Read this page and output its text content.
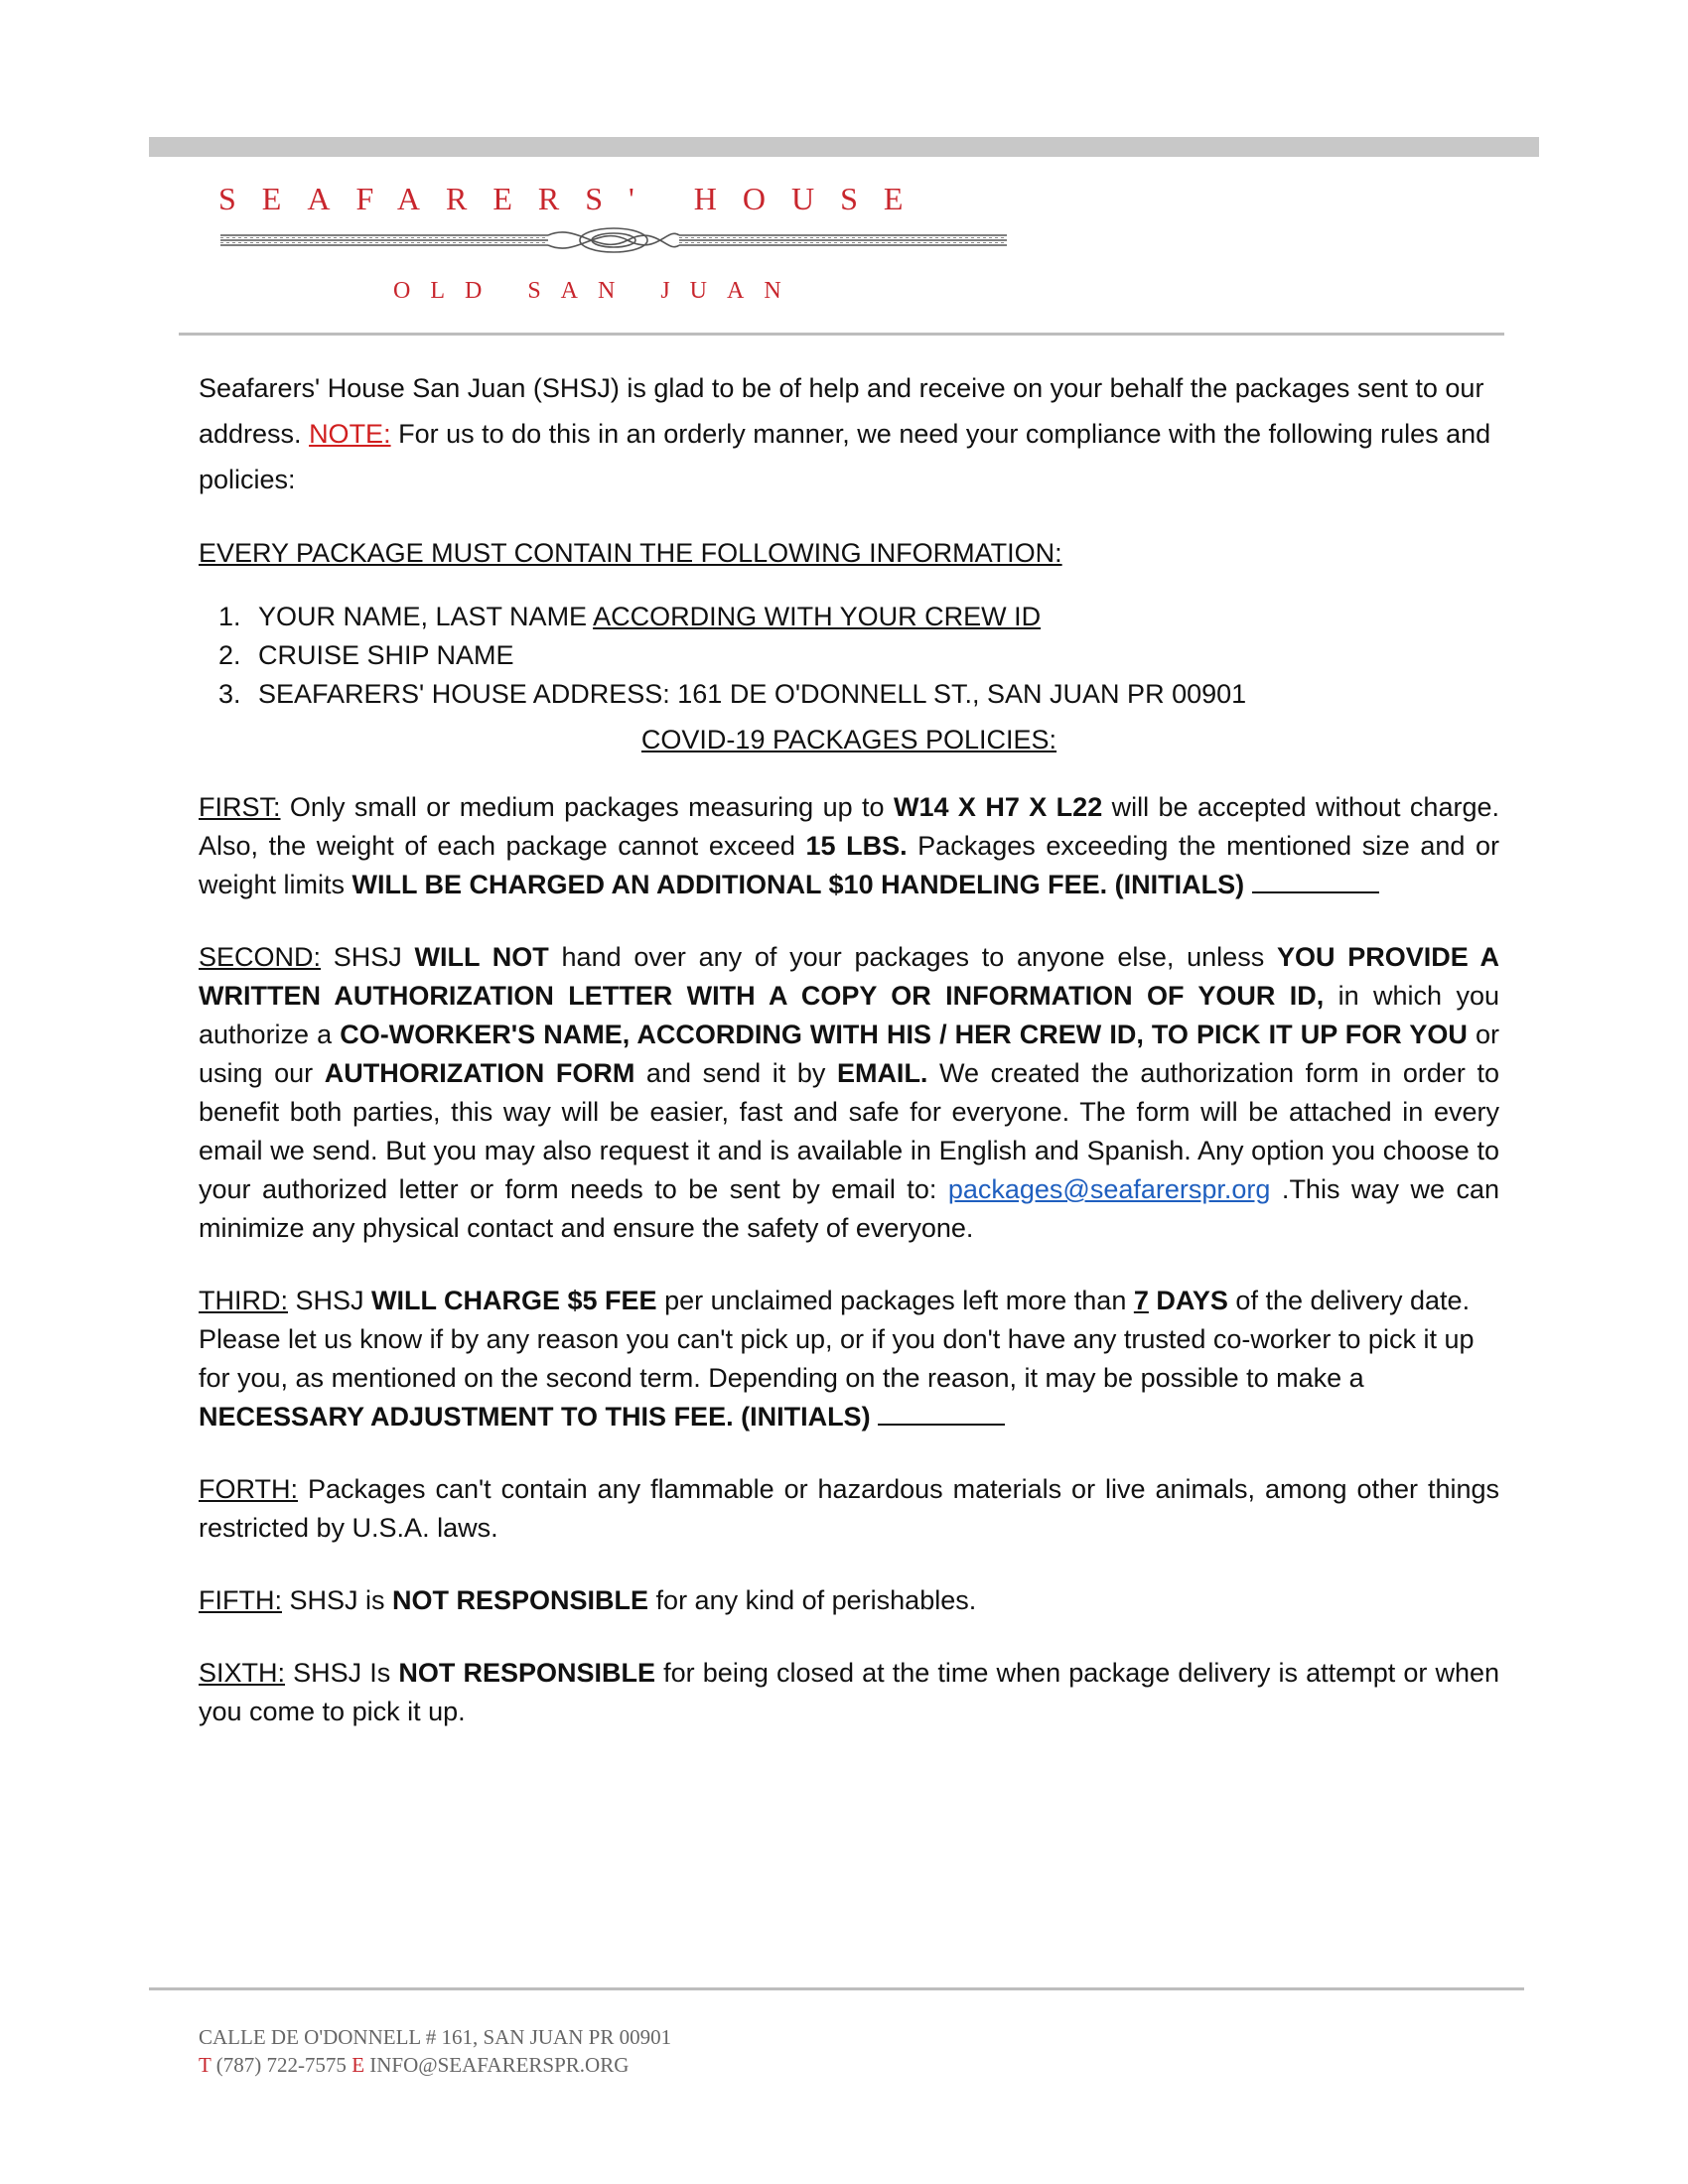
SEAFARERS' HOUSE
OLD SAN JUAN

Seafarers' House San Juan (SHSJ) is glad to be of help and receive on your behalf the packages sent to our address. NOTE: For us to do this in an orderly manner, we need your compliance with the following rules and policies:

EVERY PACKAGE MUST CONTAIN THE FOLLOWING INFORMATION:

1. YOUR NAME, LAST NAME ACCORDING WITH YOUR CREW ID
2. CRUISE SHIP NAME
3. SEAFARERS' HOUSE ADDRESS: 161 DE O'DONNELL ST., SAN JUAN PR 00901

COVID-19 PACKAGES POLICIES:

FIRST: Only small or medium packages measuring up to W14 X H7 X L22 will be accepted without charge. Also, the weight of each package cannot exceed 15 LBS. Packages exceeding the mentioned size and or weight limits WILL BE CHARGED AN ADDITIONAL $10 HANDELING FEE. (INITIALS)

SECOND: SHSJ WILL NOT hand over any of your packages to anyone else, unless YOU PROVIDE A WRITTEN AUTHORIZATION LETTER WITH A COPY OR INFORMATION OF YOUR ID, in which you authorize a CO-WORKER'S NAME, ACCORDING WITH HIS / HER CREW ID, TO PICK IT UP FOR YOU or using our AUTHORIZATION FORM and send it by EMAIL. We created the authorization form in order to benefit both parties, this way will be easier, fast and safe for everyone. The form will be attached in every email we send. But you may also request it and is available in English and Spanish. Any option you choose to your authorized letter or form needs to be sent by email to: packages@seafarerspr.org .This way we can minimize any physical contact and ensure the safety of everyone.

THIRD: SHSJ WILL CHARGE $5 FEE per unclaimed packages left more than 7 DAYS of the delivery date. Please let us know if by any reason you can't pick up, or if you don't have any trusted co-worker to pick it up for you, as mentioned on the second term. Depending on the reason, it may be possible to make a NECESSARY ADJUSTMENT TO THIS FEE. (INITIALS)

FORTH: Packages can't contain any flammable or hazardous materials or live animals, among other things restricted by U.S.A. laws.

FIFTH: SHSJ is NOT RESPONSIBLE for any kind of perishables.

SIXTH: SHSJ Is NOT RESPONSIBLE for being closed at the time when package delivery is attempt or when you come to pick it up.

CALLE DE O'DONNELL # 161, SAN JUAN PR 00901
T (787) 722-7575 E INFO@SEAFARERSPR.ORG
